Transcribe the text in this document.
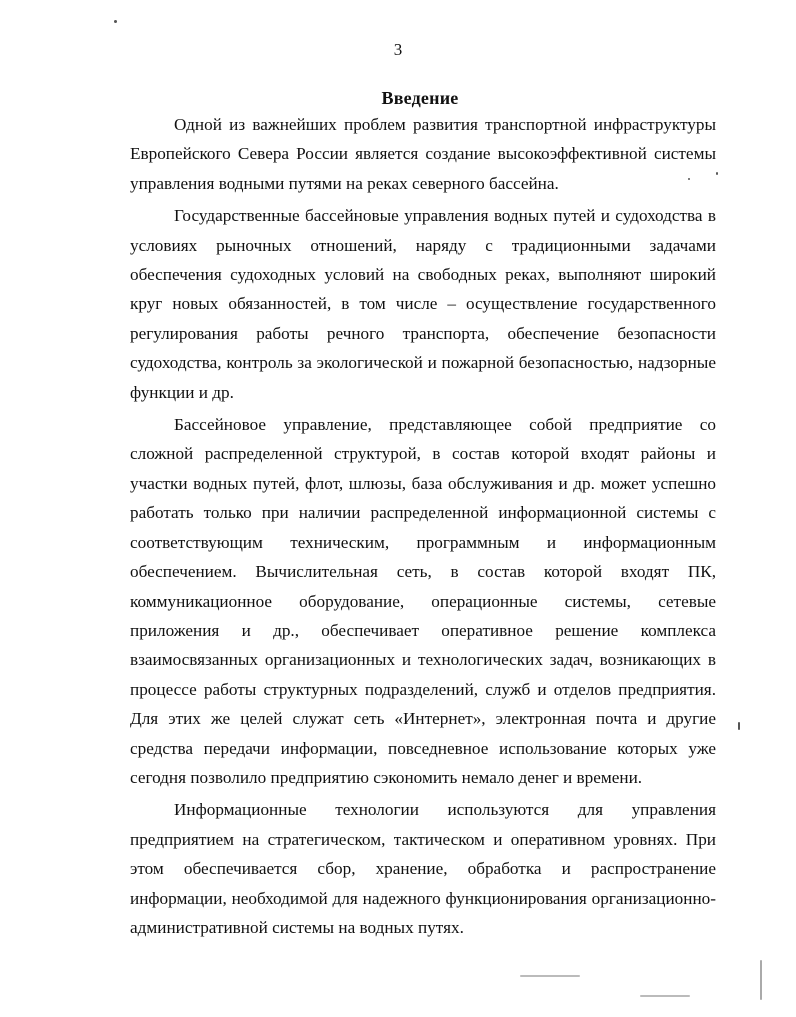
3
Введение

Одной из важнейших проблем развития транспортной инфраструктуры Европейского Севера России является создание высокоэффективной системы управления водными путями на реках северного бассейна.

Государственные бассейновые управления водных путей и судоходства в условиях рыночных отношений, наряду с традиционными задачами обеспечения судоходных условий на свободных реках, выполняют широкий круг новых обязанностей, в том числе – осуществление государственного регулирования работы речного транспорта, обеспечение безопасности судоходства, контроль за экологической и пожарной безопасностью, надзорные функции и др.

Бассейновое управление, представляющее собой предприятие со сложной распределенной структурой, в состав которой входят районы и участки водных путей, флот, шлюзы, база обслуживания и др. может успешно работать только при наличии распределенной информационной системы с соответствующим техническим, программным и информационным обеспечением. Вычислительная сеть, в состав которой входят ПК, коммуникационное оборудование, операционные системы, сетевые приложения и др., обеспечивает оперативное решение комплекса взаимосвязанных организационных и технологических задач, возникающих в процессе работы структурных подразделений, служб и отделов предприятия. Для этих же целей служат сеть «Интернет», электронная почта и другие средства передачи информации, повседневное использование которых уже сегодня позволило предприятию сэкономить немало денег и времени.

Информационные технологии используются для управления предприятием на стратегическом, тактическом и оперативном уровнях. При этом обеспечивается сбор, хранение, обработка и распространение информации, необходимой для надежного функционирования организационно-административной системы на водных путях.
